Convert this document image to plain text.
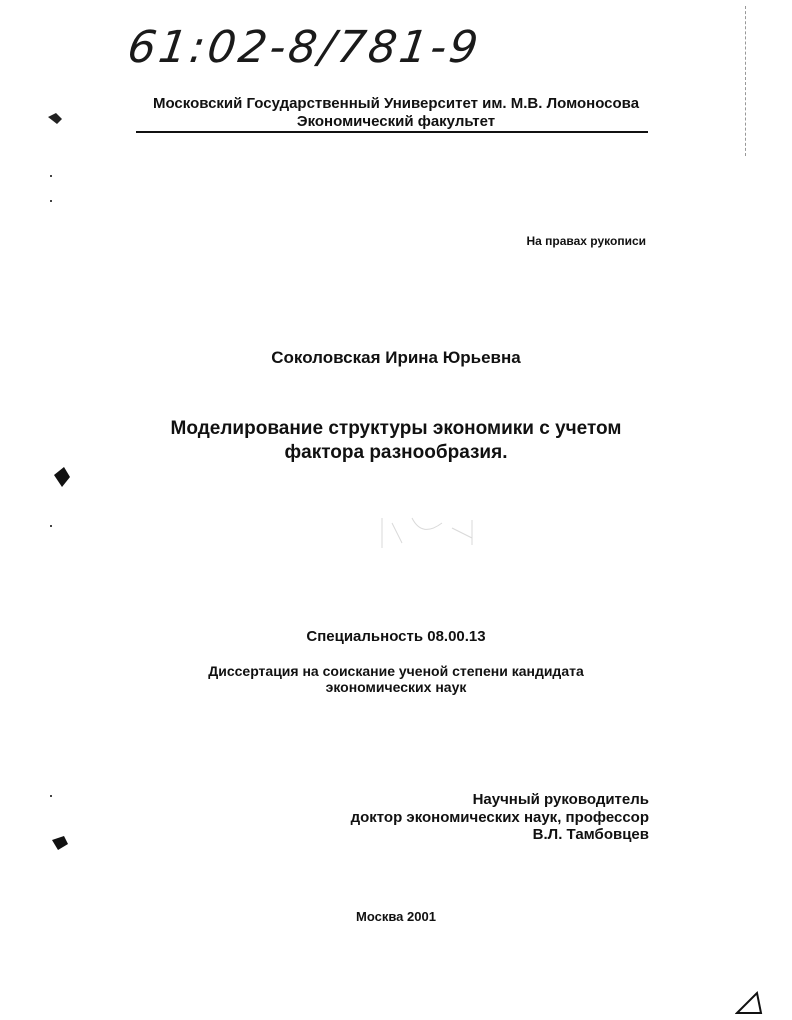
61:02-8/781-9
Московский Государственный Университет им. М.В. Ломоносова
Экономический факультет
На правах рукописи
Соколовская Ирина Юрьевна
Моделирование структуры экономики с учетом
фактора разнообразия.
Специальность 08.00.13
Диссертация на соискание ученой степени кандидата
экономических наук
Научный руководитель
доктор экономических наук, профессор
В.Л. Тамбовцев
Москва 2001
